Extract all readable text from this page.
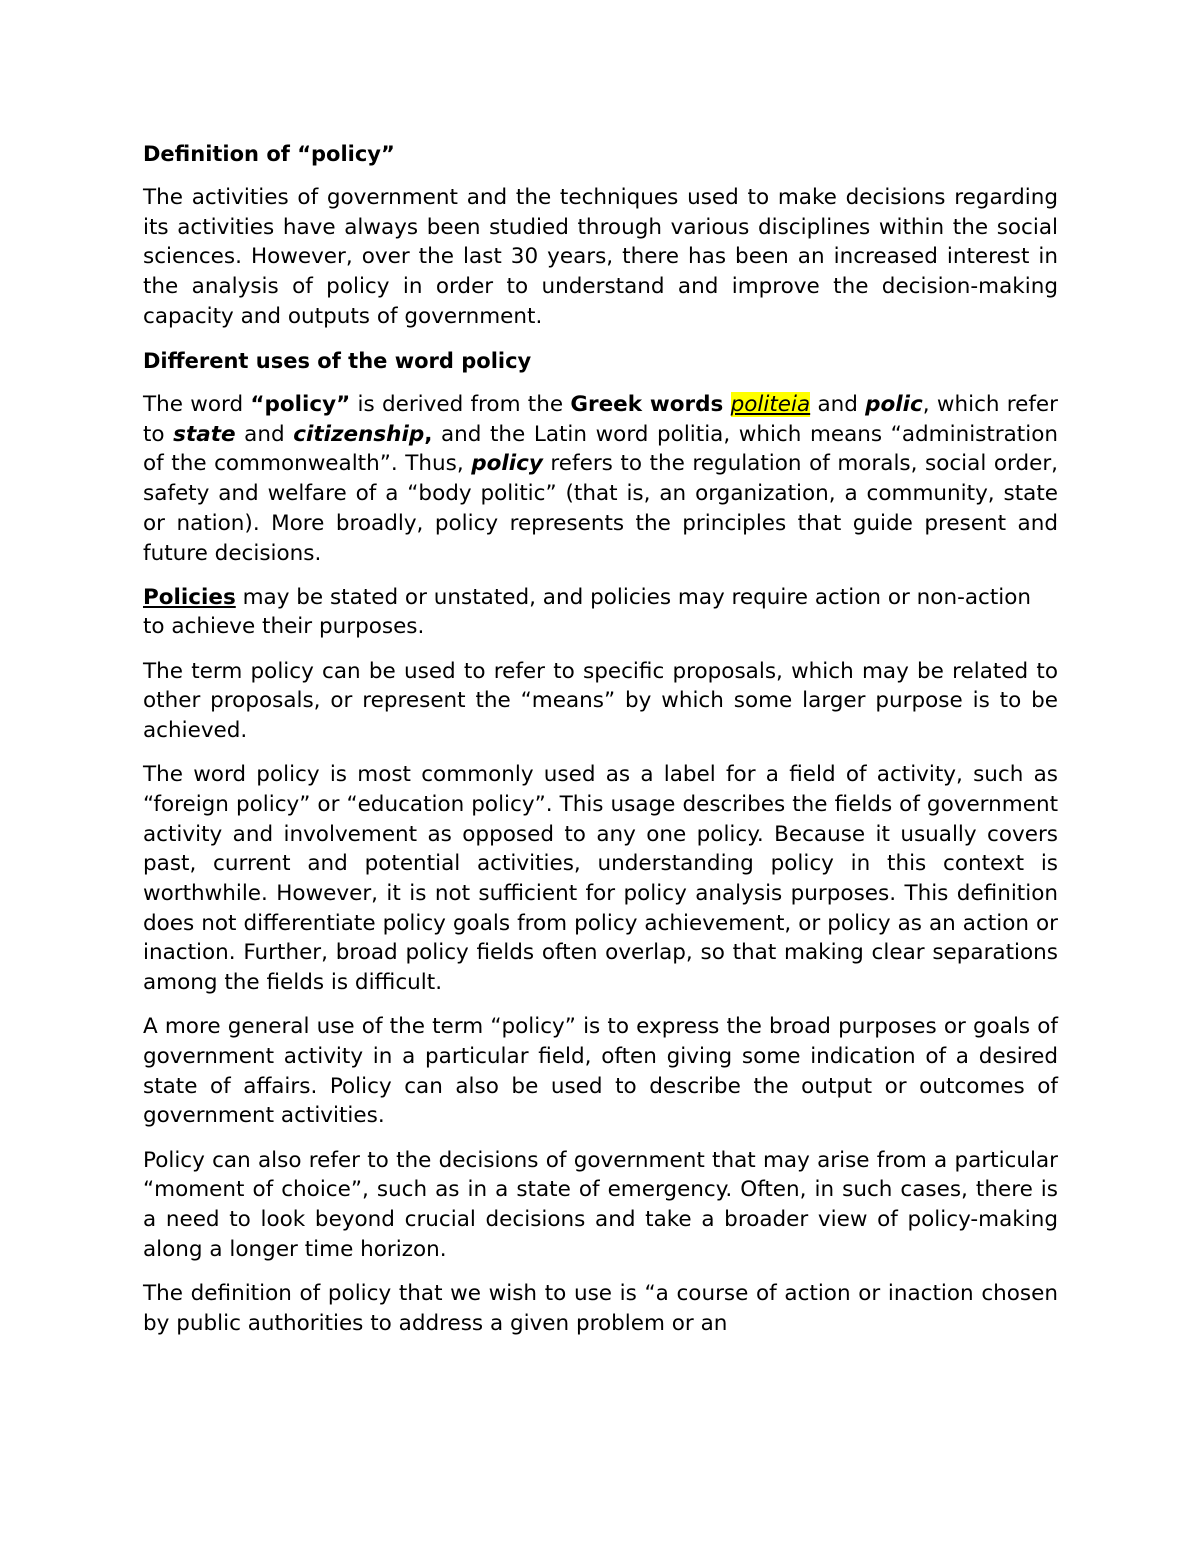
Definition of “policy”
The activities of government and the techniques used to make decisions regarding its activities have always been studied through various disciplines within the social sciences. However, over the last 30 years, there has been an increased interest in the analysis of policy in order to understand and improve the decision-making capacity and outputs of government.
Different uses of the word policy
The word “policy” is derived from the Greek words politeia and polic, which refer to state and citizenship, and the Latin word politia, which means “administration of the commonwealth”. Thus, policy refers to the regulation of morals, social order, safety and welfare of a “body politic” (that is, an organization, a community, state or nation). More broadly, policy represents the principles that guide present and future decisions.
Policies may be stated or unstated, and policies may require action or non-action to achieve their purposes.
The term policy can be used to refer to specific proposals, which may be related to other proposals, or represent the “means” by which some larger purpose is to be achieved.
The word policy is most commonly used as a label for a field of activity, such as “foreign policy” or “education policy”. This usage describes the fields of government activity and involvement as opposed to any one policy. Because it usually covers past, current and potential activities, understanding policy in this context is worthwhile. However, it is not sufficient for policy analysis purposes. This definition does not differentiate policy goals from policy achievement, or policy as an action or inaction. Further, broad policy fields often overlap, so that making clear separations among the fields is difficult.
A more general use of the term “policy” is to express the broad purposes or goals of government activity in a particular field, often giving some indication of a desired state of affairs. Policy can also be used to describe the output or outcomes of government activities.
Policy can also refer to the decisions of government that may arise from a particular “moment of choice”, such as in a state of emergency. Often, in such cases, there is a need to look beyond crucial decisions and take a broader view of policy-making along a longer time horizon.
The definition of policy that we wish to use is “a course of action or inaction chosen by public authorities to address a given problem or an
